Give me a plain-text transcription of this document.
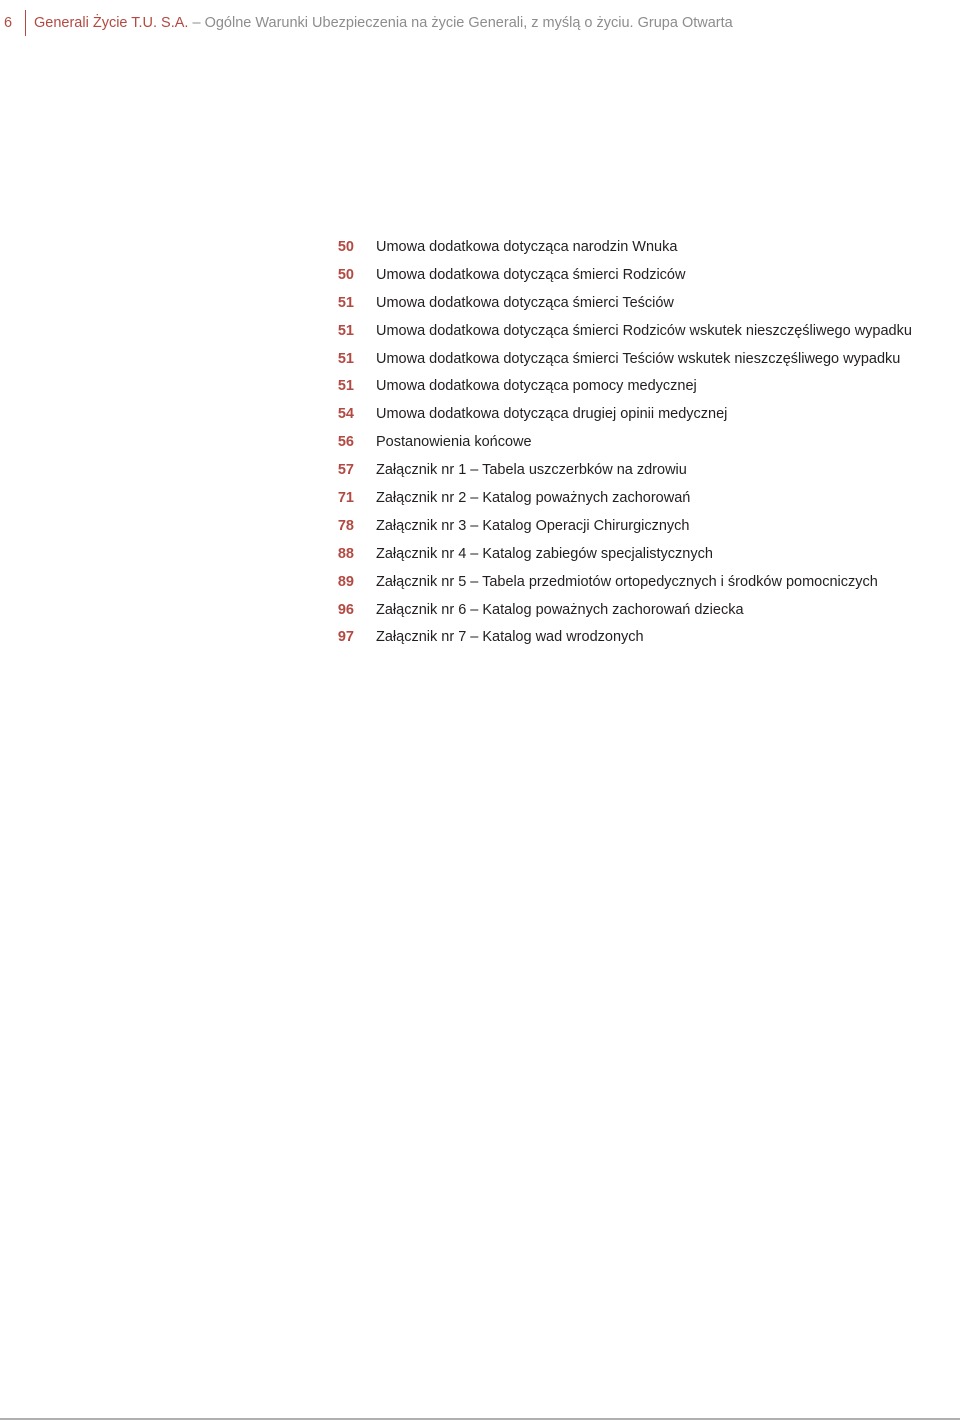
6 Generali Życie T.U. S.A. – Ogólne Warunki Ubezpieczenia na życie Generali, z myślą o życiu. Grupa Otwarta
50 Umowa dodatkowa dotycząca narodzin Wnuka
50 Umowa dodatkowa dotycząca śmierci Rodziców
51 Umowa dodatkowa dotycząca śmierci Teściów
51 Umowa dodatkowa dotycząca śmierci Rodziców wskutek nieszczęśliwego wypadku
51 Umowa dodatkowa dotycząca śmierci Teściów wskutek nieszczęśliwego wypadku
51 Umowa dodatkowa dotycząca pomocy medycznej
54 Umowa dodatkowa dotycząca drugiej opinii medycznej
56 Postanowienia końcowe
57 Załącznik nr 1 – Tabela uszczerbków na zdrowiu
71 Załącznik nr 2 – Katalog poważnych zachorowań
78 Załącznik nr 3 – Katalog Operacji Chirurgicznych
88 Załącznik nr 4 – Katalog zabiegów specjalistycznych
89 Załącznik nr 5 – Tabela przedmiotów ortopedycznych i środków pomocniczych
96 Załącznik nr 6 – Katalog poważnych zachorowań dziecka
97 Załącznik nr 7 – Katalog wad wrodzonych
